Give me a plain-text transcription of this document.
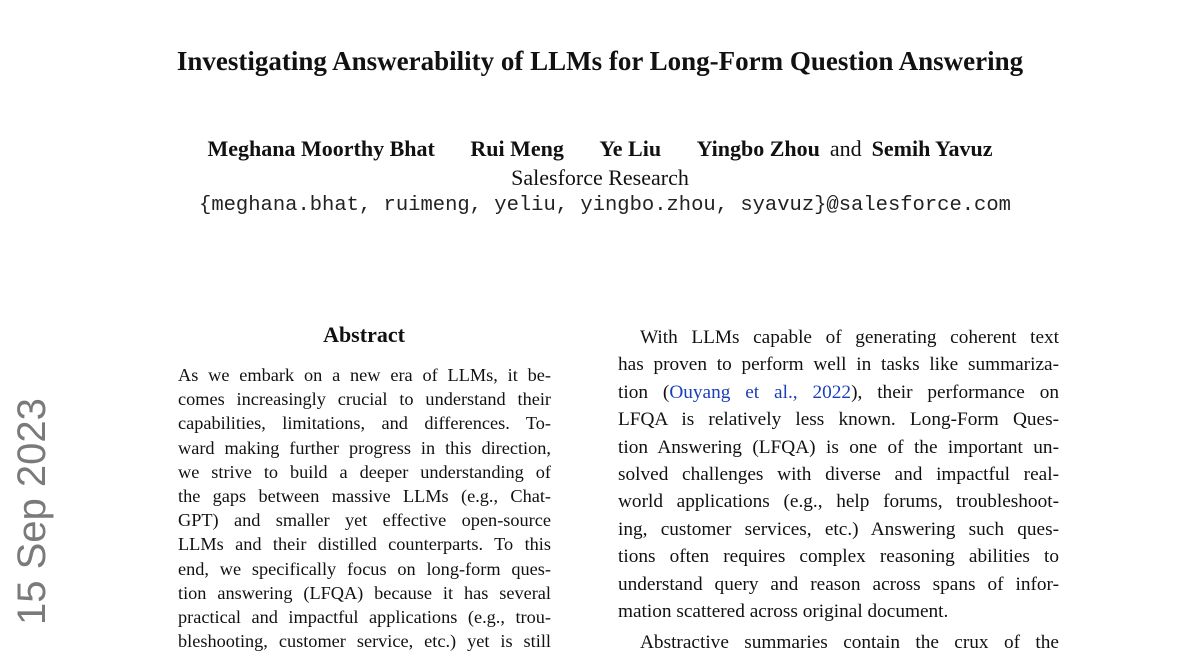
15 Sep 2023
Investigating Answerability of LLMs for Long-Form Question Answering
Meghana Moorthy Bhat Rui Meng Ye Liu Yingbo Zhou and Semih Yavuz
Salesforce Research
{meghana.bhat, ruimeng, yeliu, yingbo.zhou, syavuz}@salesforce.com
Abstract
As we embark on a new era of LLMs, it be-
comes increasingly crucial to understand their
capabilities, limitations, and differences. To-
ward making further progress in this direction,
we strive to build a deeper understanding of
the gaps between massive LLMs (e.g., Chat-
GPT) and smaller yet effective open-source
LLMs and their distilled counterparts. To this
end, we specifically focus on long-form ques-
tion answering (LFQA) because it has several
practical and impactful applications (e.g., trou-
bleshooting, customer service, etc.) yet is still
With LLMs capable of generating coherent text
has proven to perform well in tasks like summariza-
tion (Ouyang et al., 2022), their performance on
LFQA is relatively less known. Long-Form Ques-
tion Answering (LFQA) is one of the important un-
solved challenges with diverse and impactful real-
world applications (e.g., help forums, troubleshoot-
ing, customer services, etc.) Answering such ques-
tions often requires complex reasoning abilities to
understand query and reason across spans of infor-
mation scattered across original document.
Abstractive summaries contain the crux of the
